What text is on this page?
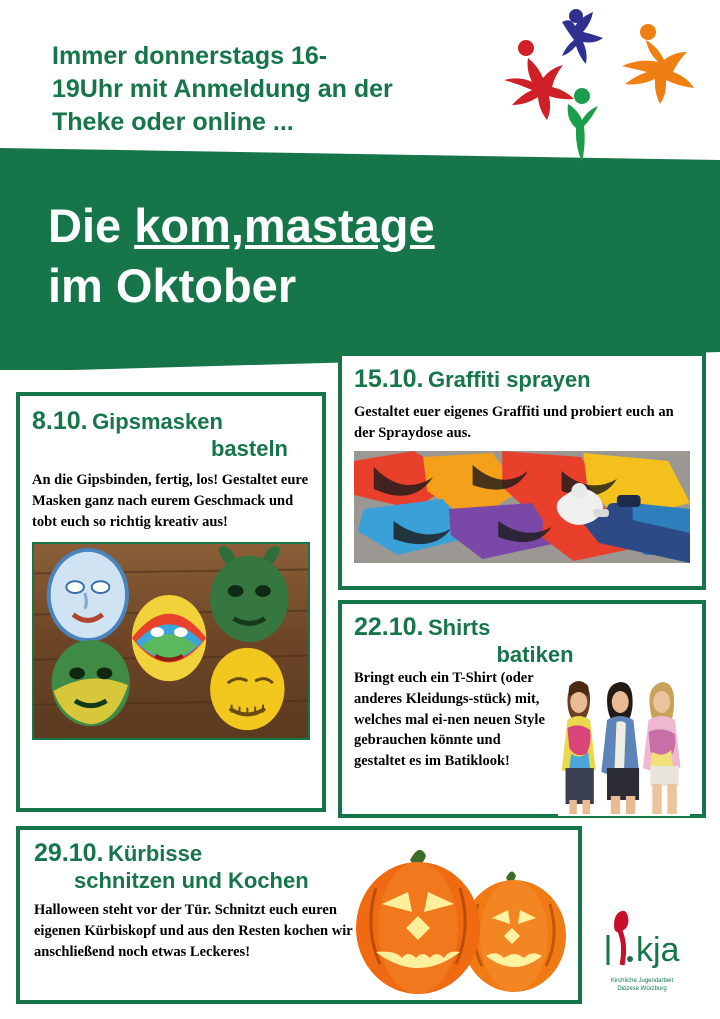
Immer donnerstags 16-
19Uhr mit Anmeldung an der
Theke oder online ...
kom,ma
Die kom,mastage
im Oktober
8.10. Gipsmasken
basteln
An die Gipsbinden, fertig, los! Gestaltet eure Masken ganz nach eurem Geschmack und tobt euch so richtig kreativ aus!
15.10. Graffiti sprayen
Gestaltet euer eigenes Graffiti und probiert euch an der Spraydose aus.
22.10. Shirts
batiken
Bringt euch ein T-Shirt (oder anderes Kleidungs-stück) mit, welches mal ei-nen neuen Style gebrauchen könnte und gestaltet es im Batiklook!
29.10. Kürbisse
schnitzen und Kochen
Halloween steht vor der Tür. Schnitzt euch euren eigenen Kürbiskopf und aus den Resten kochen wir anschließend noch etwas Leckeres!	kja
Kirchliche Jugendarbeit
Diözese Würzburg
